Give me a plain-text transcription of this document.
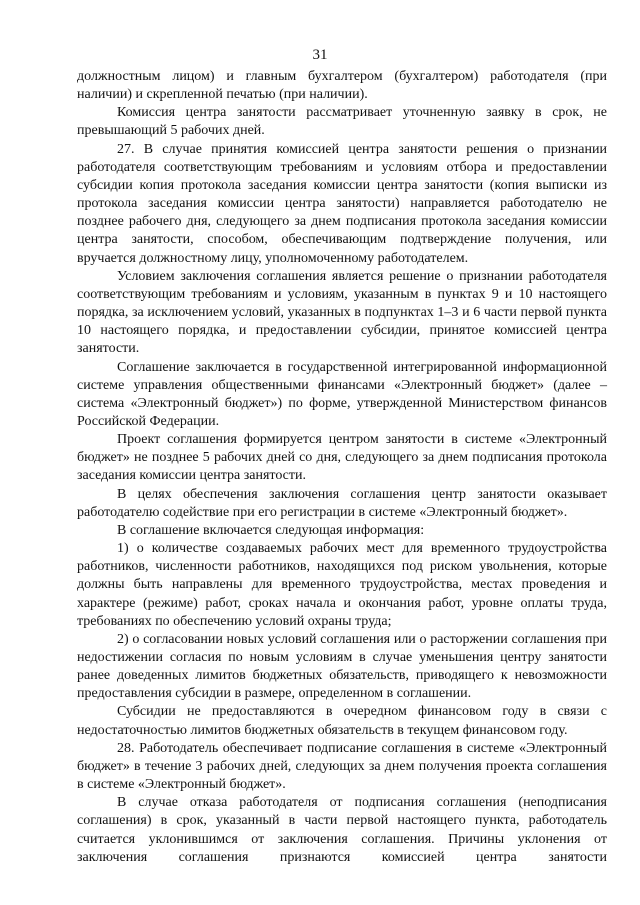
31

должностным лицом) и главным бухгалтером (бухгалтером) работодателя (при наличии) и скрепленной печатью (при наличии).

Комиссия центра занятости рассматривает уточненную заявку в срок, не превышающий 5 рабочих дней.

27. В случае принятия комиссией центра занятости решения о признании работодателя соответствующим требованиям и условиям отбора и предоставлении субсидии копия протокола заседания комиссии центра занятости (копия выписки из протокола заседания комиссии центра занятости) направляется работодателю не позднее рабочего дня, следующего за днем подписания протокола заседания комиссии центра занятости, способом, обеспечивающим подтверждение получения, или вручается должностному лицу, уполномоченному работодателем.

Условием заключения соглашения является решение о признании работодателя соответствующим требованиям и условиям, указанным в пунктах 9 и 10 настоящего порядка, за исключением условий, указанных в подпунктах 1–3 и 6 части первой пункта 10 настоящего порядка, и предоставлении субсидии, принятое комиссией центра занятости.

Соглашение заключается в государственной интегрированной информационной системе управления общественными финансами «Электронный бюджет» (далее – система «Электронный бюджет») по форме, утвержденной Министерством финансов Российской Федерации.

Проект соглашения формируется центром занятости в системе «Электронный бюджет» не позднее 5 рабочих дней со дня, следующего за днем подписания протокола заседания комиссии центра занятости.

В целях обеспечения заключения соглашения центр занятости оказывает работодателю содействие при его регистрации в системе «Электронный бюджет».

В соглашение включается следующая информация:

1) о количестве создаваемых рабочих мест для временного трудоустройства работников, численности работников, находящихся под риском увольнения, которые должны быть направлены для временного трудоустройства, местах проведения и характере (режиме) работ, сроках начала и окончания работ, уровне оплаты труда, требованиях по обеспечению условий охраны труда;

2) о согласовании новых условий соглашения или о расторжении соглашения при недостижении согласия по новым условиям в случае уменьшения центру занятости ранее доведенных лимитов бюджетных обязательств, приводящего к невозможности предоставления субсидии в размере, определенном в соглашении.

Субсидии не предоставляются в очередном финансовом году в связи с недостаточностью лимитов бюджетных обязательств в текущем финансовом году.

28. Работодатель обеспечивает подписание соглашения в системе «Электронный бюджет» в течение 3 рабочих дней, следующих за днем получения проекта соглашения в системе «Электронный бюджет».

В случае отказа работодателя от подписания соглашения (неподписания соглашения) в срок, указанный в части первой настоящего пункта, работодатель считается уклонившимся от заключения соглашения. Причины уклонения от заключения соглашения признаются комиссией центра занятости
